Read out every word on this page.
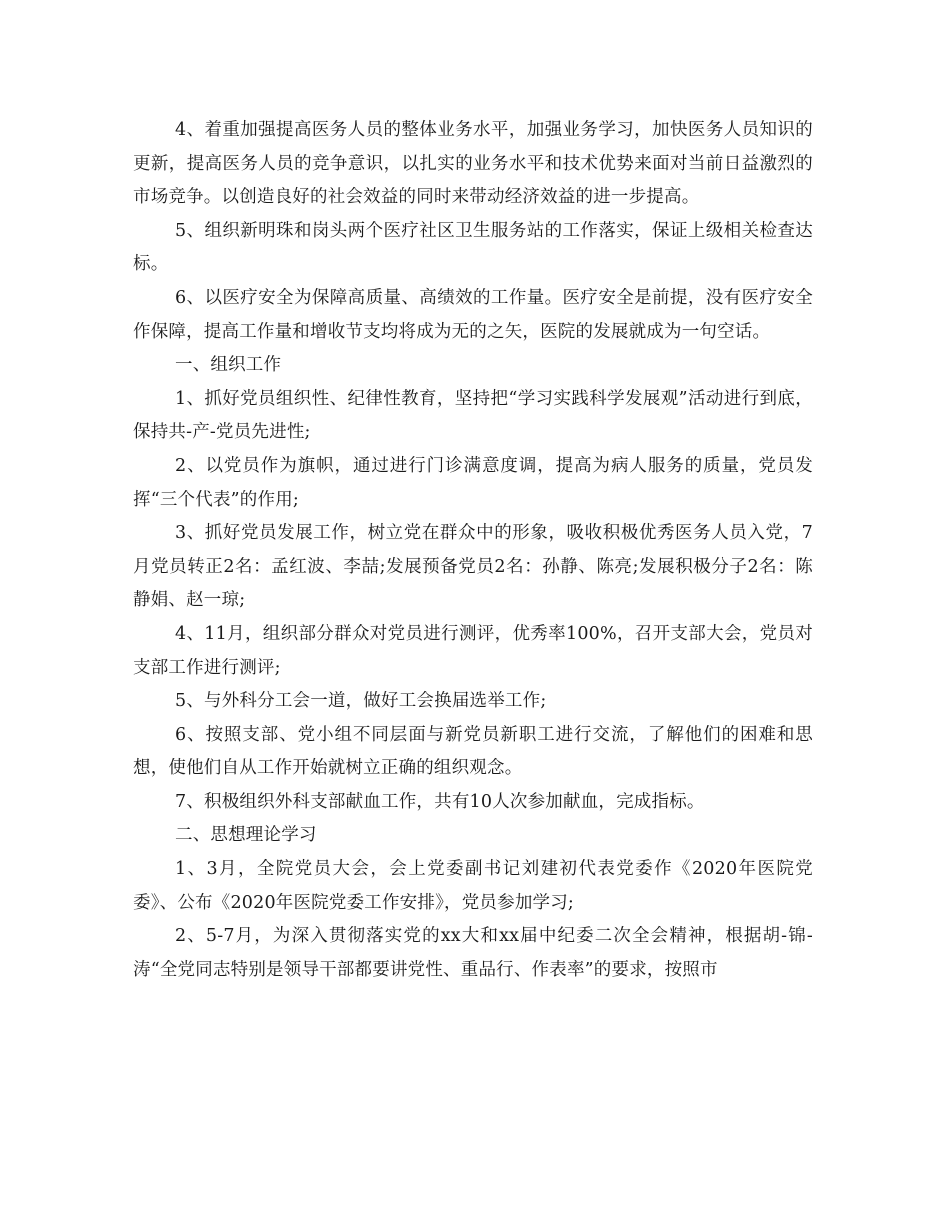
4、着重加强提高医务人员的整体业务水平，加强业务学习，加快医务人员知识的更新，提高医务人员的竞争意识，以扎实的业务水平和技术优势来面对当前日益激烈的市场竞争。以创造良好的社会效益的同时来带动经济效益的进一步提高。

5、组织新明珠和岗头两个医疗社区卫生服务站的工作落实，保证上级相关检查达标。

6、以医疗安全为保障高质量、高绩效的工作量。医疗安全是前提，没有医疗安全作保障，提高工作量和增收节支均将成为无的之矢，医院的发展就成为一句空话。

一、组织工作

1、抓好党员组织性、纪律性教育，坚持把“学习实践科学发展观”活动进行到底，保持共-产-党员先进性;

2、以党员作为旗帜，通过进行门诊满意度调，提高为病人服务的质量，党员发挥“三个代表”的作用;

3、抓好党员发展工作，树立党在群众中的形象，吸收积极优秀医务人员入党，7月党员转正2名：孟红波、李喆;发展预备党员2名：孙静、陈亮;发展积极分子2名：陈静娟、赵一琼;

4、11月，组织部分群众对党员进行测评，优秀率100%，召开支部大会，党员对支部工作进行测评;

5、与外科分工会一道，做好工会换届选举工作;

6、按照支部、党小组不同层面与新党员新职工进行交流，了解他们的困难和思想，使他们自从工作开始就树立正确的组织观念。

7、积极组织外科支部献血工作，共有10人次参加献血，完成指标。

二、思想理论学习

1、3月，全院党员大会，会上党委副书记刘建初代表党委作《2020年医院党委》、公布《2020年医院党委工作安排》，党员参加学习;

2、5-7月，为深入贯彻落实党的xx大和xx届中纪委二次全会精神，根据胡-锦-涛“全党同志特别是领导干部都要讲党性、重品行、作表率”的要求，按照市
